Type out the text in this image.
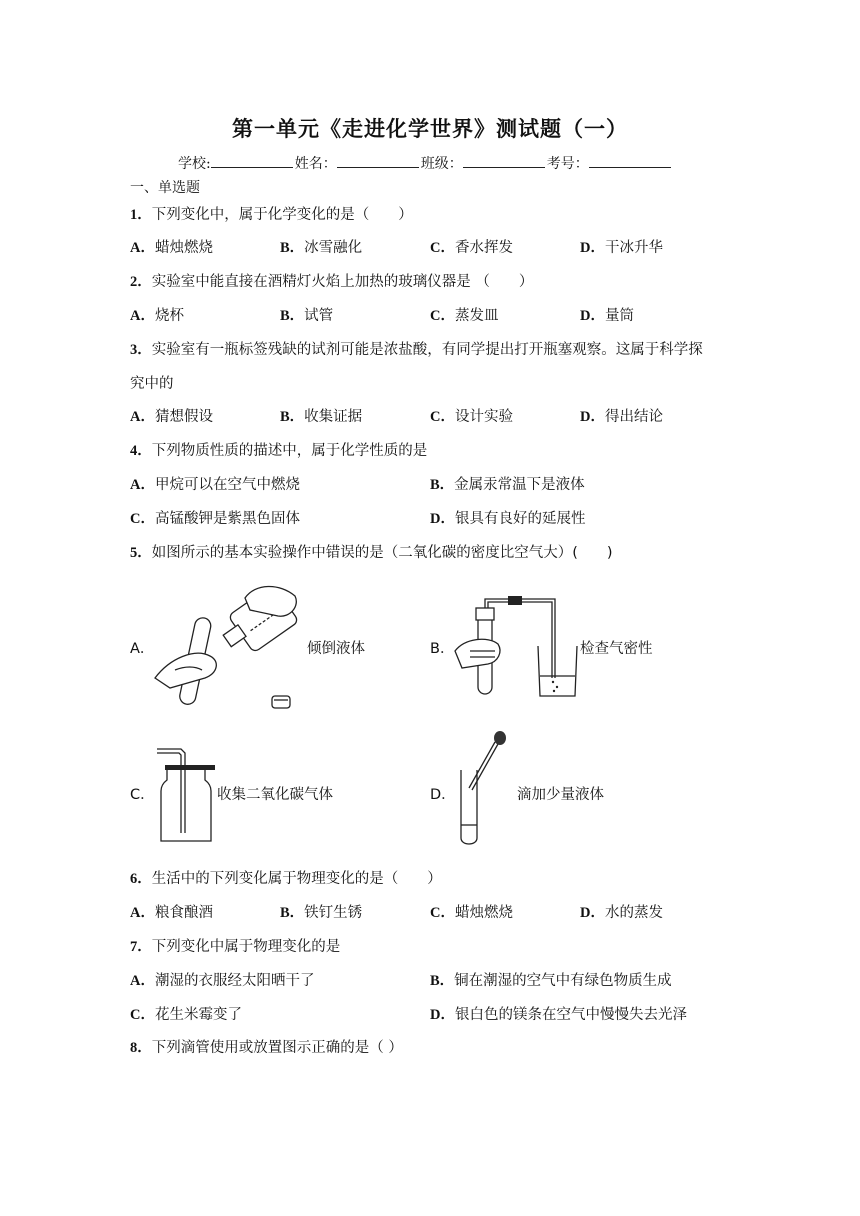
第一单元《走进化学世界》测试题（一）
学校:	姓名：	班级：	考号：
一、单选题
1．下列变化中，属于化学变化的是（　　）
A．蜡烛燃烧	B．冰雪融化	C．香水挥发	D．干冰升华
2．实验室中能直接在酒精灯火焰上加热的玻璃仪器是 （　　）
A．烧杯	B．试管	C．蒸发皿	D．量筒
3．实验室有一瓶标签残缺的试剂可能是浓盐酸，有同学提出打开瓶塞观察。这属于科学探
究中的
A．猜想假设	B．收集证据	C．设计实验	D．得出结论
4．下列物质性质的描述中，属于化学性质的是
A．甲烷可以在空气中燃烧	B．金属汞常温下是液体
C．高锰酸钾是紫黑色固体	D．银具有良好的延展性
5．如图所示的基本实验操作中错误的是（二氧化碳的密度比空气大）(　　)
A．	倾倒液体	B．	检查气密性
C．	收集二氧化碳气体	D．	滴加少量液体
6．生活中的下列变化属于物理变化的是（　　）
A．粮食酿酒	B．铁钉生锈	C．蜡烛燃烧	D．水的蒸发
7．下列变化中属于物理变化的是
A．潮湿的衣服经太阳晒干了	B．铜在潮湿的空气中有绿色物质生成
C．花生米霉变了	D．银白色的镁条在空气中慢慢失去光泽
8．下列滴管使用或放置图示正确的是（ ）
